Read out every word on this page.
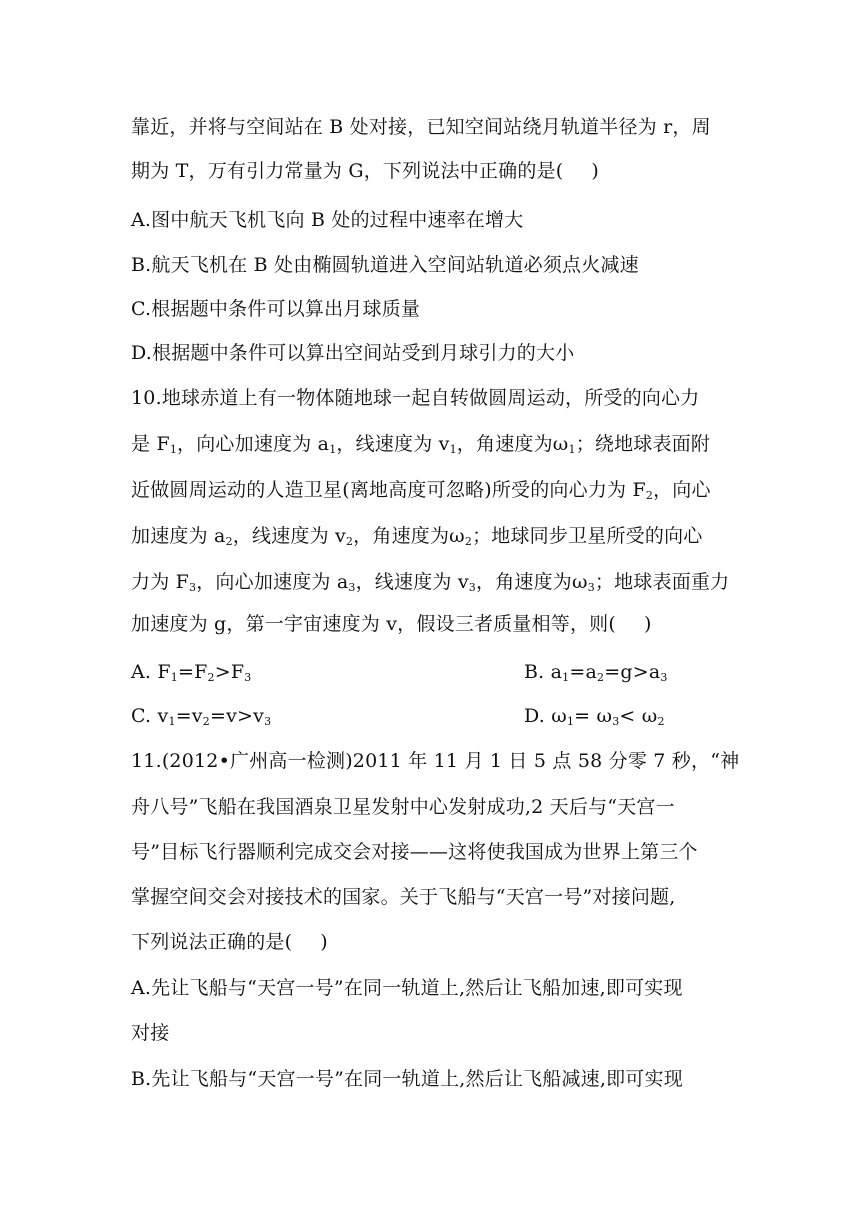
靠近，并将与空间站在 B 处对接，已知空间站绕月轨道半径为 r，周
期为 T，万有引力常量为 G，下列说法中正确的是( )
A.图中航天飞机飞向 B 处的过程中速率在增大
B.航天飞机在 B 处由椭圆轨道进入空间站轨道必须点火减速
C.根据题中条件可以算出月球质量
D.根据题中条件可以算出空间站受到月球引力的大小
10.地球赤道上有一物体随地球一起自转做圆周运动，所受的向心力
是 $F_1$，向心加速度为 $a_1$，线速度为 $v_1$，角速度为$\omega_1$；绕地球表面附
近做圆周运动的人造卫星(离地高度可忽略)所受的向心力为 $F_2$，向心
加速度为 $a_2$，线速度为 $v_2$，角速度为$\omega_2$；地球同步卫星所受的向心
力为 $F_3$，向心加速度为 $a_3$，线速度为 $v_3$，角速度为$\omega_3$；地球表面重力
加速度为 g，第一宇宙速度为 v，假设三者质量相等，则( )
A. $F_1=F_2>F_3$	B. $a_1=a_2=g>a_3$
C. $v_1=v_2=v>v_3$	D. $\omega_1= \omega_3< \omega_2$
11.(2012•广州高一检测)2011 年 11 月 1 日 5 点 58 分零 7 秒，“神
舟八号”飞船在我国酒泉卫星发射中心发射成功,2 天后与“天宫一
号”目标飞行器顺利完成交会对接——这将使我国成为世界上第三个
掌握空间交会对接技术的国家。关于飞船与“天宫一号”对接问题,
下列说法正确的是( )
A.先让飞船与“天宫一号”在同一轨道上,然后让飞船加速,即可实现
对接
B.先让飞船与“天宫一号”在同一轨道上,然后让飞船减速,即可实现
